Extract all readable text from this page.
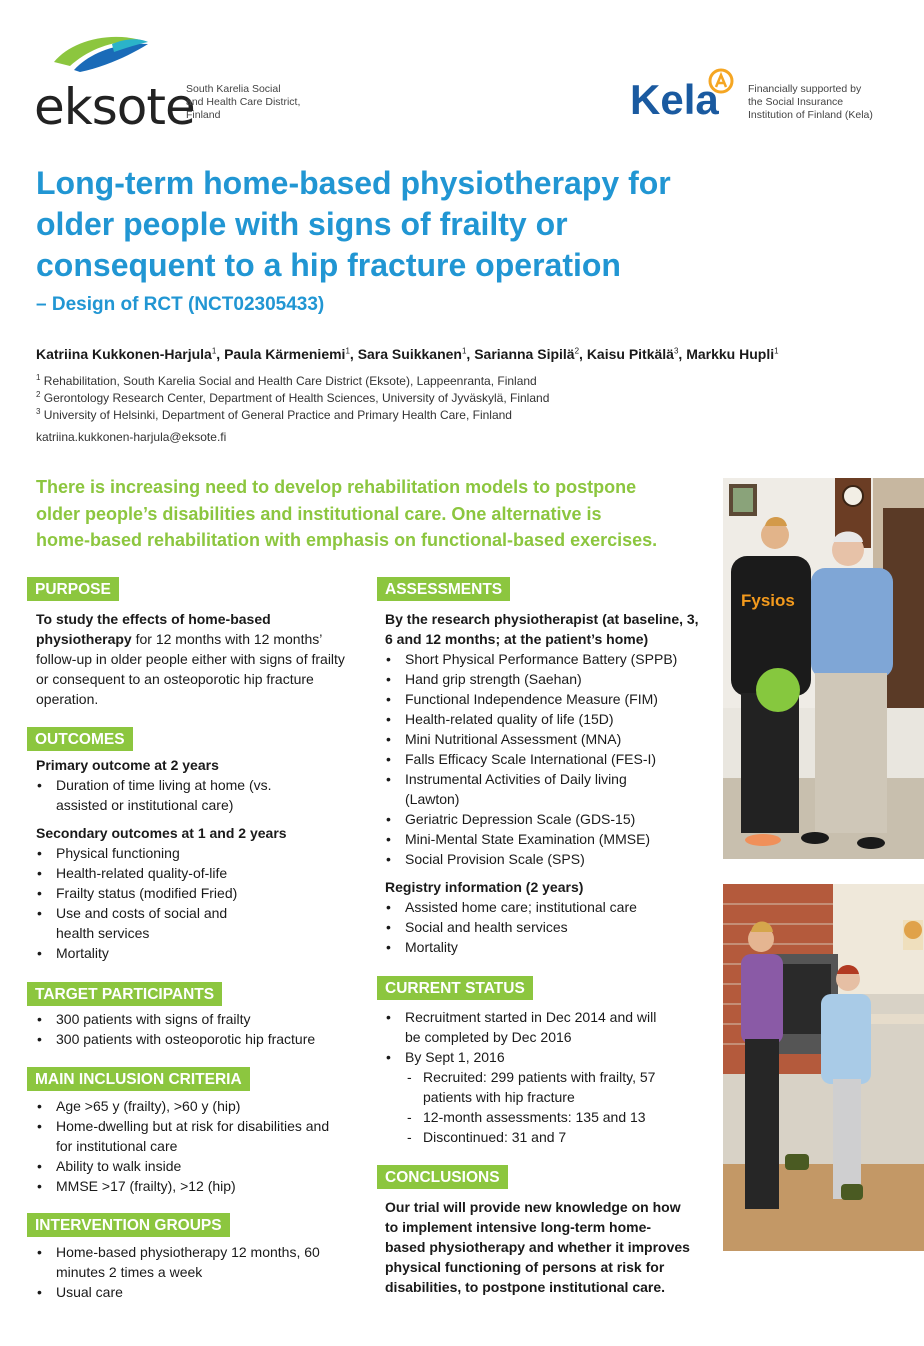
eksote
South Karelia Social
and Health Care District,
Finland	Kela	Financially supported by
the Social Insurance
Institution of Finland (Kela)
Long-term home-based physiotherapy for
older people with signs of frailty or
consequent to a hip fracture operation
– Design of RCT (NCT02305433)
Katriina Kukkonen-Harjula$^1$, Paula Kärmeniemi$^1$, Sara Suikkanen$^1$, Sarianna Sipilä$^2$, Kaisu Pitkälä$^3$, Markku Hupli$^1$
$^1$ Rehabilitation, South Karelia Social and Health Care District (Eksote), Lappeenranta, Finland
$^2$ Gerontology Research Center, Department of Health Sciences, University of Jyväskylä, Finland
$^3$ University of Helsinki, Department of General Practice and Primary Health Care, Finland
katriina.kukkonen-harjula@eksote.fi
There is increasing need to develop rehabilitation models to postpone
older people’s disabilities and institutional care. One alternative is
home-based rehabilitation with emphasis on functional-based exercises.
PURPOSE
To study the effects of home-based physiotherapy for 12 months with 12 months’ follow-up in older people either with signs of frailty or consequent to an osteoporotic hip fracture operation.
OUTCOMES
Primary outcome at 2 years
• Duration of time living at home (vs. assisted or institutional care)
Secondary outcomes at 1 and 2 years
• Physical functioning
• Health-related quality-of-life
• Frailty status (modified Fried)
• Use and costs of social and health services
• Mortality
TARGET PARTICIPANTS
• 300 patients with signs of frailty
• 300 patients with osteoporotic hip fracture
MAIN INCLUSION CRITERIA
• Age >65 y (frailty), >60 y (hip)
• Home-dwelling but at risk for disabilities and for institutional care
• Ability to walk inside
• MMSE >17 (frailty), >12 (hip)
INTERVENTION GROUPS
• Home-based physiotherapy 12 months, 60 minutes 2 times a week
• Usual care
ASSESSMENTS
By the research physiotherapist (at baseline, 3, 6 and 12 months; at the patient’s home)
• Short Physical Performance Battery (SPPB)
• Hand grip strength (Saehan)
• Functional Independence Measure (FIM)
• Health-related quality of life (15D)
• Mini Nutritional Assessment (MNA)
• Falls Efficacy Scale International (FES-I)
• Instrumental Activities of Daily living (Lawton)
• Geriatric Depression Scale (GDS-15)
• Mini-Mental State Examination (MMSE)
• Social Provision Scale (SPS)
Registry information (2 years)
• Assisted home care; institutional care
• Social and health services
• Mortality
CURRENT STATUS
• Recruitment started in Dec 2014 and will be completed by Dec 2016
• By Sept 1, 2016
- Recruited: 299 patients with frailty, 57 patients with hip fracture
- 12-month assessments: 135 and 13
- Discontinued: 31 and 7
CONCLUSIONS
Our trial will provide new knowledge on how to implement intensive long-term home-based physiotherapy and whether it improves physical functioning of persons at risk for disabilities, to postpone institutional care.
Fysios
